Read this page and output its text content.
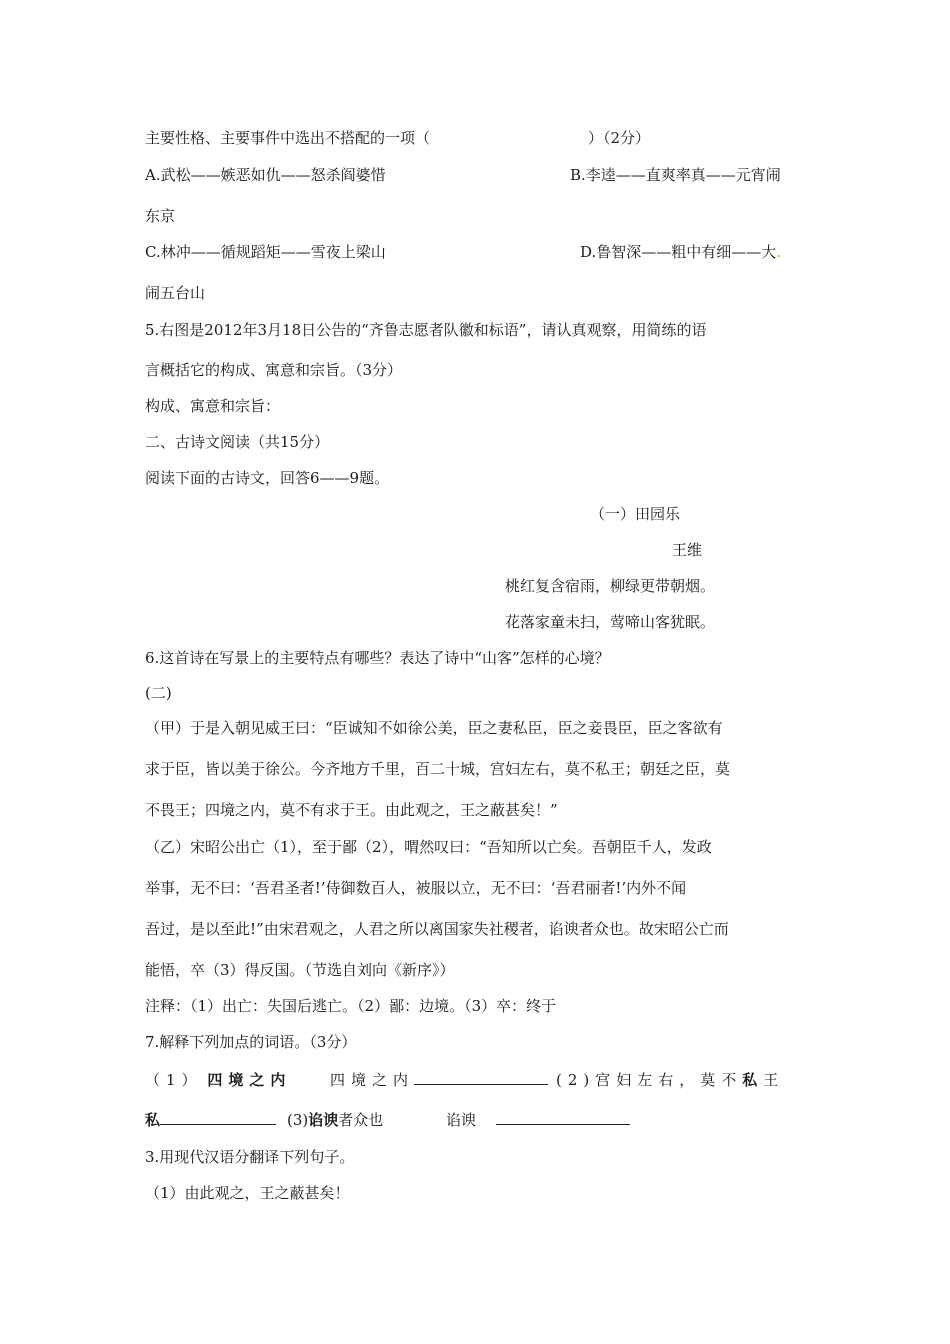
主要性格、主要事件中选出不搭配的一项（	）（2分）
A.武松——嫉恶如仇——怒杀阎婆惜	B.李逵——直爽率真——元宵闹
东京
C.林冲——循规蹈矩——雪夜上梁山	D.鲁智深——粗中有细——大.
闹五台山
5.右图是2012年3月18日公告的“齐鲁志愿者队徽和标语”，请认真观察，用简练的语
言概括它的构成、寓意和宗旨。（3分）
构成、寓意和宗旨：
二、古诗文阅读（共15分）
阅读下面的古诗文，回答6——9题。
（一）田园乐
王维
桃红复含宿雨，柳绿更带朝烟。
花落家童未扫，莺啼山客犹眠。
6.这首诗在写景上的主要特点有哪些？表达了诗中“山客”怎样的心境？
(二)
（甲）于是入朝见威王曰：“臣诚知不如徐公美，臣之妻私臣，臣之妾畏臣，臣之客欲有
求于臣，皆以美于徐公。今齐地方千里，百二十城，宫妇左右，莫不私王；朝廷之臣，莫
不畏王；四境之内，莫不有求于王。由此观之，王之蔽甚矣！”
（乙）宋昭公出亡（1），至于鄙（2），喟然叹曰：“吾知所以亡矣。吾朝臣千人，发政
举事，无不曰：‘吾君圣者!’侍御数百人，被服以立，无不曰：‘吾君丽者!’内外不闻
吾过，是以至此!”由宋君观之，人君之所以离国家失社稷者，谄谀者众也。故宋昭公亡而
能悟，卒（3）得反国。（节选自刘向《新序》）
注释：（1）出亡：失国后逃亡。（2）鄙：边境。（3）卒：终于
7.解释下列加点的词语。（3分）
（1） 四境之内	四境之内	(2)宫妇左右，莫不私王
私	(3)谄谀者众也	谄谀
3.用现代汉语分翻译下列句子。
（1）由此观之，王之蔽甚矣！
